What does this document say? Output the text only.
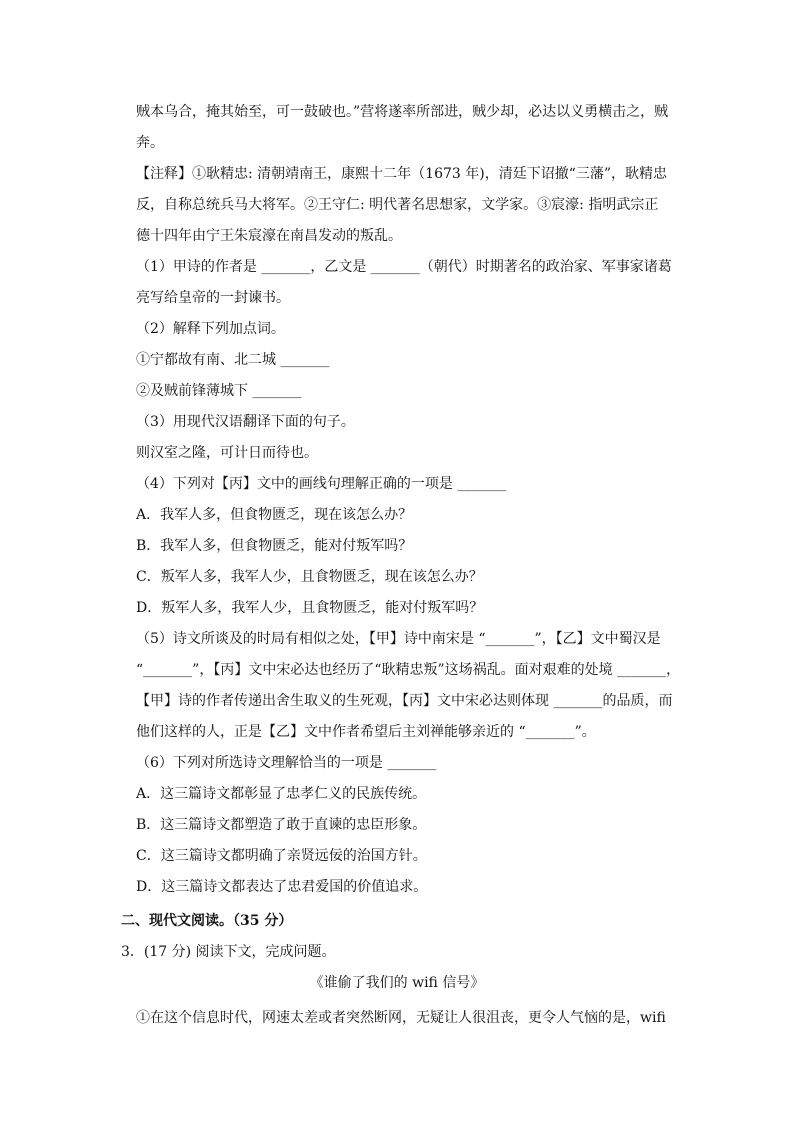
贼本乌合，掩其始至，可一鼓破也。”营将遂率所部进，贼少却，必达以义勇横击之，贼
奔。
【注释】①耿精忠: 清朝靖南王，康熙十二年（1673 年)，清廷下诏撤“三藩”，耿精忠
反，自称总统兵马大将军。②王守仁: 明代著名思想家，文学家。③宸濠: 指明武宗正
德十四年由宁王朱宸濠在南昌发动的叛乱。
（1）甲诗的作者是 _______，乙文是 _______（朝代）时期著名的政治家、军事家诸葛
亮写给皇帝的一封谏书。
（2）解释下列加点词。
①宁都故有南、北二城 _______
②及贼前锋薄城下 _______
（3）用现代汉语翻译下面的句子。
则汉室之隆，可计日而待也。
（4）下列对【丙】文中的画线句理解正确的一项是 _______
A．我军人多，但食物匮乏，现在该怎么办？
B．我军人多，但食物匮乏，能对付叛军吗？
C．叛军人多，我军人少，且食物匮乏，现在该怎么办？
D．叛军人多，我军人少，且食物匮乏，能对付叛军吗？
（5）诗文所谈及的时局有相似之处，【甲】诗中南宋是 “_______”，【乙】文中蜀汉是
“_______”，【丙】文中宋必达也经历了“耿精忠叛”这场祸乱。面对艰难的处境 _______，
【甲】诗的作者传递出舍生取义的生死观，【丙】文中宋必达则体现 _______的品质，而
他们这样的人，正是【乙】文中作者希望后主刘禅能够亲近的 “_______”。
（6）下列对所选诗文理解恰当的一项是 _______
A．这三篇诗文都彰显了忠孝仁义的民族传统。
B．这三篇诗文都塑造了敢于直谏的忠臣形象。
C．这三篇诗文都明确了亲贤远佞的治国方针。
D．这三篇诗文都表达了忠君爱国的价值追求。
二、现代文阅读。（35 分）
3．(17 分) 阅读下文，完成问题。
《谁偷了我们的 wifi 信号》
①在这个信息时代，网速太差或者突然断网，无疑让人很沮丧，更令人气恼的是，wifi
